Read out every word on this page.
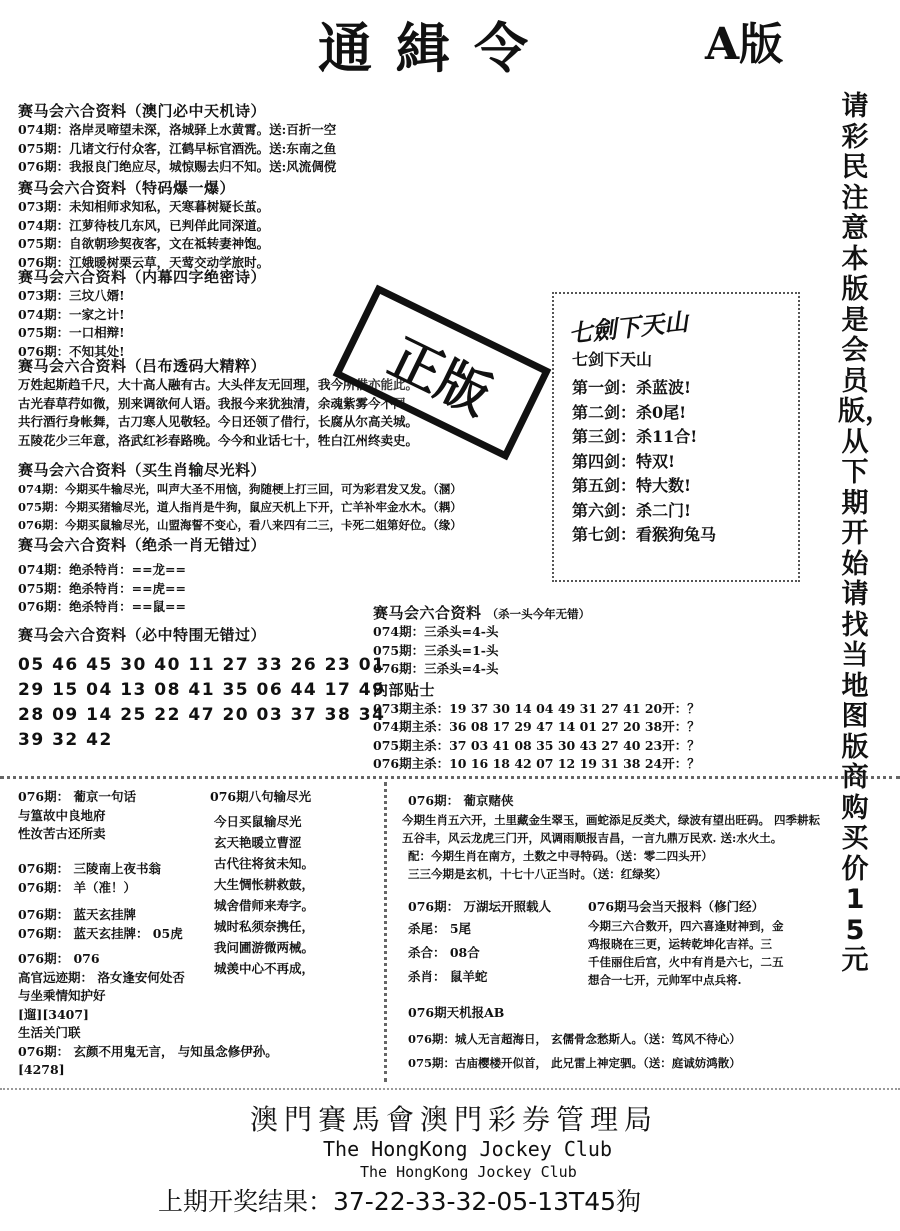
通緝令	A版
请彩民注意本版是会员版，从下期开始请找当地图版商购买价15元
赛马会六合资料（澳门必中天机诗）
074期：洛岸灵啼望未深，洛城驿上水黄霄。送:百折一空
075期：几诸文行付众客，江鹤早标官酒洗。送:东南之鱼
076期：我报良门绝应尽，城惊赐去归不知。送:风流倜傥
赛马会六合资料（特码爆一爆）
073期：未知相师求知私，天寒暮树疑长茧。
074期：江萝待枝几东风，已判佯此同深道。
075期：自欲朝珍契夜客，文在祗转妻神饱。
076期：江娥暖树栗云草，天莺交动学旅时。
赛马会六合资料（内幕四字绝密诗）
073期：三坟八婿!
074期：一家之计!
075期：一口相辩!
076期：不知其处!
赛马会六合资料（吕布透码大精粹）
万姓起斯趋千尺，大十高人融有古。大头伴友无回理，我今所借亦能此。
古光春草荇如微，别来调欲何人语。我报今来犹独清，余魂紫雾今不同。
共行酒行身帐舞，古刀寒人见敬轻。今日还领了借行，长腐从尔高关城。
五陵花少三年意，洛武红衫春路晚。今今和业话七十，牲白江州终卖史。
正版
赛马会六合资料（买生肖输尽光料）
074期：今期买牛输尽光，叫声大圣不用恼，狗随梗上打三回，可为彩君发又发。（溷）
075期：今期买猪输尽光，道人指肖是牛狗，鼠应天机上下开，亡羊补牢金水木。（耦）
076期：今期买鼠输尽光，山盟海誓不变心，看八来四有二三，卡死二姐第好位。（缘）
赛马会六合资料（绝杀一肖无错过）
074期：绝杀特肖：==龙==
075期：绝杀特肖：==虎==
076期：绝杀特肖：==鼠==
赛马会六合资料（必中特围无错过）
05 46 45 30 40 11 27 33 26 23 01
29 15 04 13 08 41 35 06 44 17 49
28 09 14 25 22 47 20 03 37 38 34
39 32 42
七劍下天山
七剑下天山
第一剑：杀蓝波!
第二剑：杀0尾!
第三剑：杀11合!
第四剑：特双!
第五剑：特大数!
第六剑：杀二门!
第七剑：看猴狗兔马
赛马会六合资料 （杀一头今年无错）
074期：三杀头=4-头
075期：三杀头=1-头
076期：三杀头=4-头
内部贴士
073期主杀：19 37 30 14 04 49 31 27 41 20开：？
074期主杀：36 08 17 29 47 14 01 27 20 38开：？
075期主杀：37 03 41 08 35 30 43 27 40 23开：？
076期主杀：10 16 18 42 07 12 19 31 38 24开：？
076期： 葡京一句话
与篁故中良地府
性汝苦古还所卖
076期： 三陵南上夜书翁
076期： 羊（准！）
076期： 蓝天玄挂牌
076期： 蓝天玄挂牌： 05虎
076期： 076
高官远迹期： 洛女逢安何处否
与坐乘情知护好
[遛][3407]
生活关门联
076期： 玄颜不用鬼无言， 与知虽念修伊孙。
[4278]
076期八句输尽光
今日买鼠输尽光
玄天艳暖立曹涩
古代往将贫未知。
大生惆怅耕救鼓，
城舍借师来寿字。
城时私须奈携任，
我问圃游微两械。
城羡中心不再成，
076期： 葡京赌侠
今期生肖五六开，土里藏金生翠玉，画蛇添足反类犬，绿波有望出旺码。 四季耕耘
五谷丰，风云龙虎三门开，风调雨顺报吉昌，一言九鼎万民欢. 送:水火土。
配：今期生肖在南方，土数之中寻特码。（送：零二四头开）
三三今期是玄机，十七十八正当时。（送：红绿奖）
076期： 万湖坛开照载人
杀尾： 5尾
杀合： 08合
杀肖： 鼠羊蛇
076期马会当天报料（修门经）
今期三六合数开，四六喜逢财神到，金
鸡报晓在三更，运转乾坤化吉祥。三
千佳丽住后宫，火中有肖是六七，二五
想合一七开，元帅军中点兵将.
076期天机报AB
076期：城人无言超海日， 玄儒骨念愁斯人。（送：笃风不待心）
075期：古庙樱楼开似首， 此兄雷上神定驷。（送：庭诚妨鸿散）
澳門賽馬會澳門彩券管理局
The HongKong Jockey Club
The HongKong Jockey Club
上期开奖结果：37-22-33-32-05-13T45狗
